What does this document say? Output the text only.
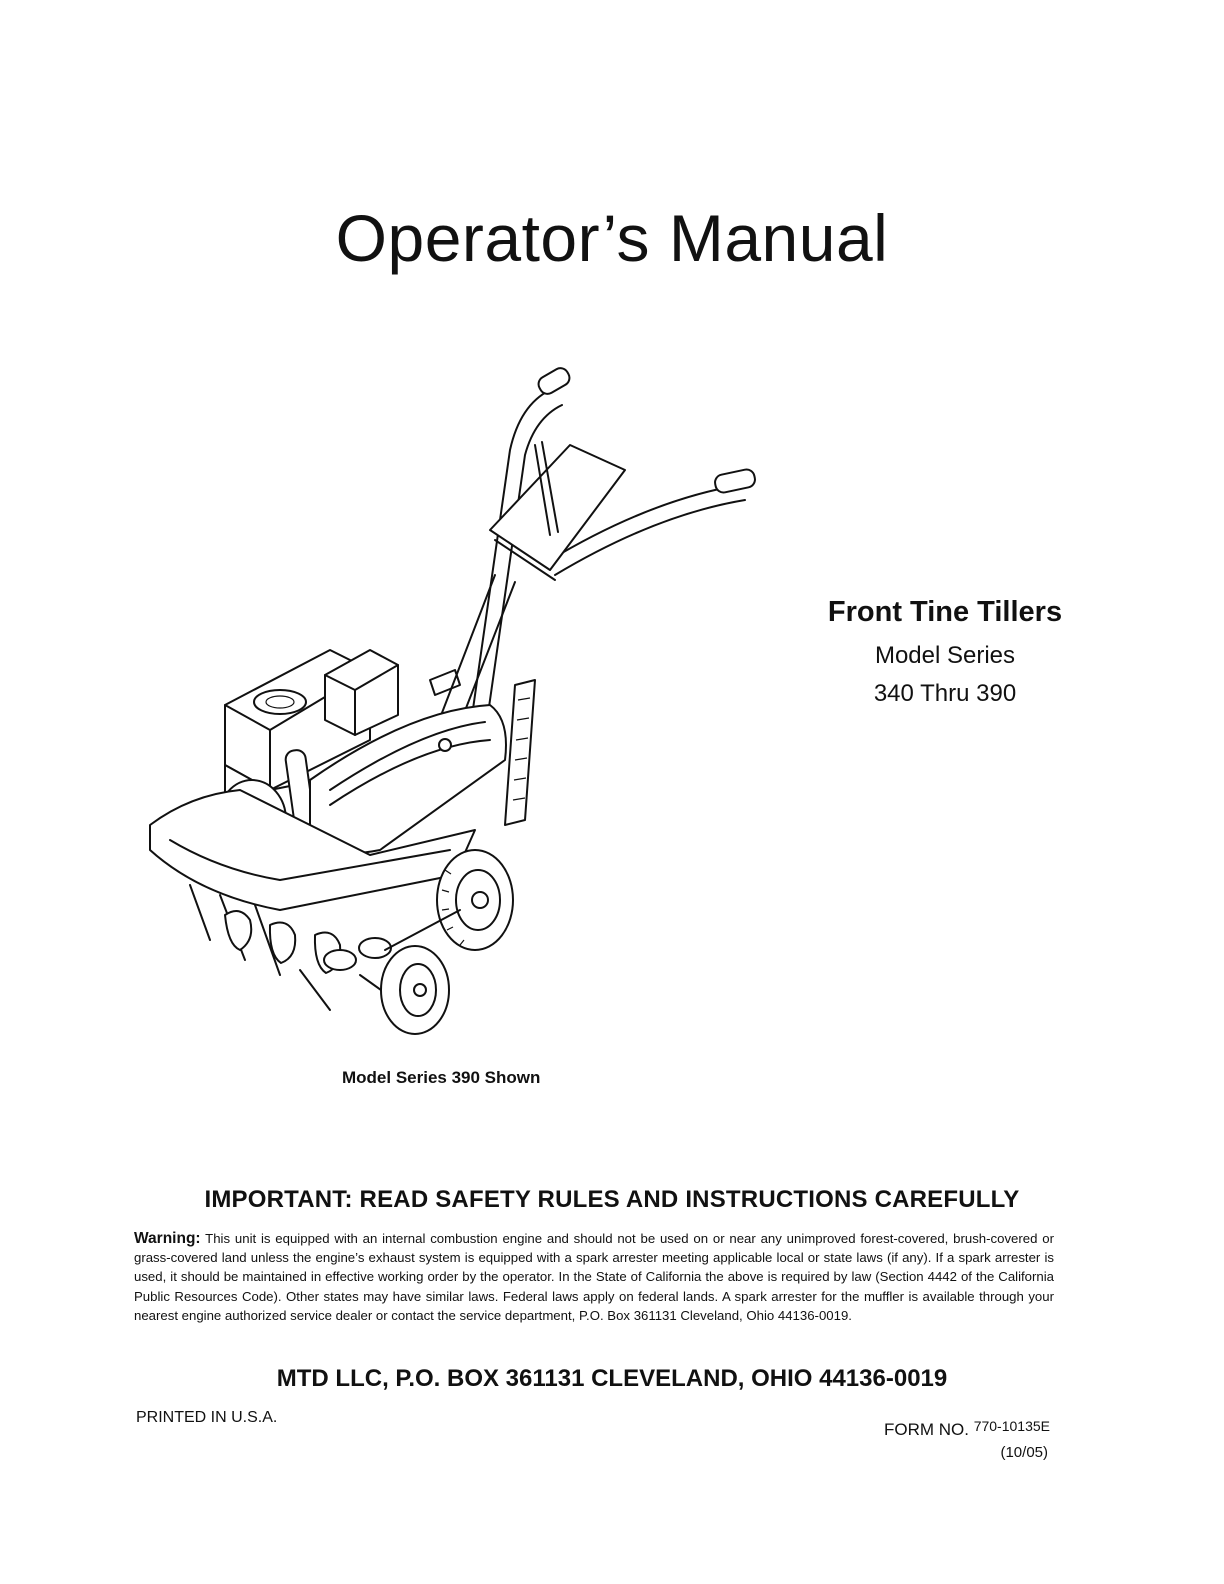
Operator’s Manual
Model Series 390 Shown
Front Tine Tillers
Model Series
340 Thru 390
IMPORTANT: READ SAFETY RULES AND INSTRUCTIONS CAREFULLY
Warning: This unit is equipped with an internal combustion engine and should not be used on or near any unimproved forest-covered, brush-covered or grass-covered land unless the engine’s exhaust system is equipped with a spark arrester meeting applicable local or state laws (if any). If a spark arrester is used, it should be maintained in effective working order by the operator. In the State of California the above is required by law (Section 4442 of the California Public Resources Code). Other states may have similar laws. Federal laws apply on federal lands. A spark arrester for the muffler is available through your nearest engine authorized service dealer or contact the service department, P.O. Box 361131 Cleveland, Ohio 44136-0019.
MTD LLC, P.O. BOX 361131 CLEVELAND, OHIO 44136-0019
PRINTED IN U.S.A.
FORM NO. $^{770-10135E}$
(10/05)
